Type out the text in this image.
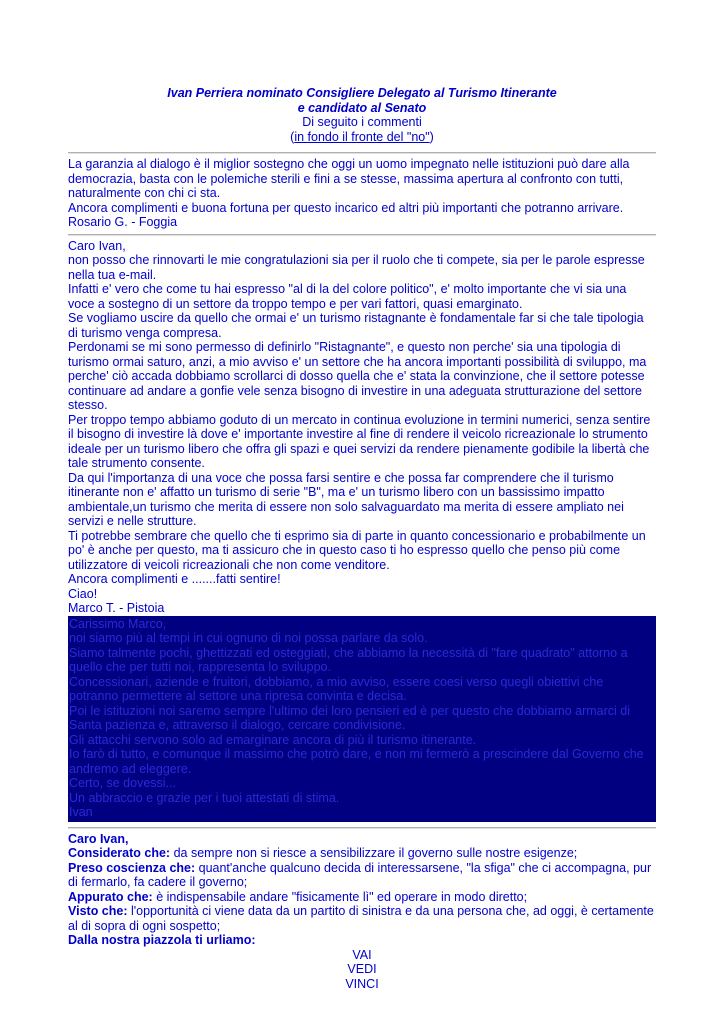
Ivan Perriera nominato Consigliere Delegato al Turismo Itinerante
e candidato al Senato
Di seguito i commenti
(in fondo il fronte del "no")

La garanzia al dialogo è il miglior sostegno che oggi un uomo impegnato nelle istituzioni può dare alla democrazia, basta con le polemiche sterili e fini a se stesse, massima apertura al confronto con tutti, naturalmente con chi ci sta.

Ancora complimenti e buona fortuna per questo incarico ed altri più importanti che potranno arrivare.

Rosario G. - Foggia

Caro Ivan,

non posso che rinnovarti le mie congratulazioni sia per il ruolo che ti compete, sia per le parole espresse nella tua e-mail.

Infatti e' vero che come tu hai espresso "al di la del colore politico", e' molto importante che vi sia una voce a sostegno di un settore da troppo tempo e per vari fattori, quasi emarginato.

Se vogliamo uscire da quello che ormai e' un turismo ristagnante è fondamentale far si che tale tipologia di turismo venga compresa.

Perdonami se mi sono permesso di definirlo "Ristagnante", e questo non perche' sia una tipologia di turismo ormai saturo, anzi, a mio avviso e' un settore che ha ancora importanti possibilità di sviluppo, ma perche' ciò accada dobbiamo scrollarci di dosso quella che e' stata la convinzione, che il settore potesse continuare ad andare a gonfie vele senza bisogno di investire in una adeguata strutturazione del settore stesso.

Per troppo tempo abbiamo goduto di un mercato in continua evoluzione in termini numerici, senza sentire il bisogno di investire là dove e' importante investire al fine di rendere il veicolo ricreazionale lo strumento ideale per un turismo libero che offra gli spazi e quei servizi da rendere pienamente godibile la libertà che tale strumento consente.

Da qui l'importanza di una voce che possa farsi sentire e che possa far comprendere che il turismo itinerante non e' affatto un turismo di serie "B", ma e' un turismo libero con un bassissimo impatto ambientale,un turismo che merita di essere non solo salvaguardato ma merita di essere ampliato nei servizi e nelle strutture.

Ti potrebbe sembrare che quello che ti esprimo sia di parte in quanto concessionario e probabilmente un po' è anche per questo, ma ti assicuro che in questo caso ti ho espresso quello che penso più come utilizzatore di veicoli ricreazionali che non come venditore.

Ancora complimenti e .......fatti sentire!

Ciao!

Marco T. - Pistoia

Carissimo Marco,

noi siamo più al tempi in cui ognuno di noi possa parlare da solo.

Siamo talmente pochi, ghettizzati ed osteggiati, che abbiamo la necessità di "fare quadrato" attorno a quello che per tutti noi, rappresenta lo sviluppo.

Concessionari, aziende e fruitori, dobbiamo, a mio avviso, essere coesi verso quegli obiettivi che potranno permettere al settore una ripresa convinta e decisa.

Poi le istituzioni noi saremo sempre l'ultimo dei loro pensieri ed è per questo che dobbiamo armarci di Santa pazienza e, attraverso il dialogo, cercare condivisione.

Gli attacchi servono solo ad emarginare ancora di più il turismo itinerante.

Io farò di tutto, e comunque il massimo che potrò dare, e non mi fermerò a prescindere dal Governo che andremo ad eleggere.

Certo, se dovessi...

Un abbraccio e grazie per i tuoi attestati di stima.

Ivan

Caro Ivan,

Considerato che: da sempre non si riesce a sensibilizzare il governo sulle nostre esigenze;

Preso coscienza che: quant'anche qualcuno decida di interessarsene, "la sfiga" che ci accompagna, pur di fermarlo, fa cadere il governo;

Appurato che: è indispensabile andare "fisicamente lì" ed operare in modo diretto;

Visto che: l'opportunità ci viene data da un partito di sinistra e da una persona che, ad oggi, è certamente al di sopra di ogni sospetto;

Dalla nostra piazzola ti urliamo:

VAI
VEDI
VINCI
